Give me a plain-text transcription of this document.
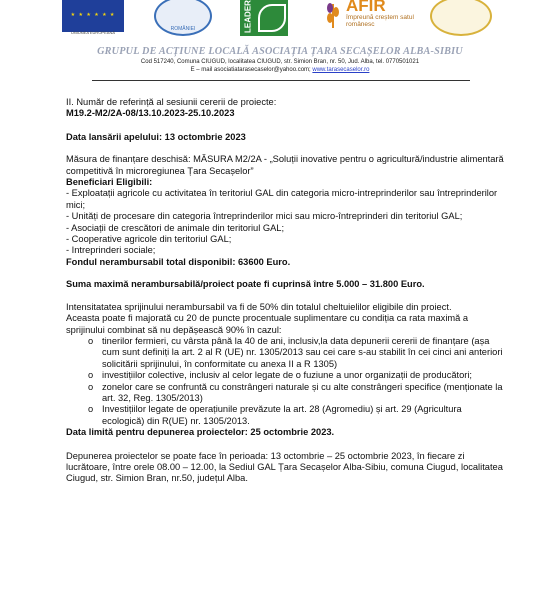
★ ★ ★ ★ ★ ★
UNIUNEA EUROPEANĂ
ROMÂNIEI	LEADER	AFIR
împreună creștem satul românesc
GRUPUL DE ACȚIUNE LOCALĂ ASOCIAȚIA ȚARA SECAȘELOR ALBA-SIBIU
Cod 517240, Comuna CIUGUD, localitatea CIUGUD, str. Simion Bran, nr. 50, Jud. Alba, tel. 0770501021
E – mail asociatiatarasecaselor@yahoo.com; www.tarasecaselor.ro

II. Număr de referință al sesiunii cererii de proiecte:

M19.2-M2/2A-08/13.10.2023-25.10.2023

Data lansării apelului: 13 octombrie 2023

Măsura de finanțare deschisă: MĂSURA M2/2A - „Soluții inovative pentru o agricultură/industrie alimentară competitivă în microregiunea Țara Secașelor”

Beneficiari Eligibili:

- Exploatații agricole cu activitatea în teritoriul GAL din categoria micro-intreprinderilor sau întreprinderilor mici;

- Unități de procesare din categoria întreprinderilor mici sau micro-întreprinderi din teritoriul GAL;

- Asociații de crescători de animale din teritoriul GAL;

- Cooperative agricole din teritoriul GAL;

- Intreprinderi sociale;

Fondul nerambursabil total disponibil: 63600 Euro.

Suma maximă nerambursabilă/proiect poate fi cuprinsă între 5.000 – 31.800 Euro.

Intensitatatea sprijinului nerambursabil va fi de 50% din totalul cheltuielilor eligibile din proiect.

Aceasta poate fi majorată cu 20 de puncte procentuale suplimentare cu condiția ca rata maximă a sprijinului combinat să nu depășească 90% în cazul:

o tinerilor fermieri, cu vârsta până la 40 de ani, inclusiv,la data depunerii cererii de finanțare (așa cum sunt definiți la art. 2 al R (UE) nr. 1305/2013 sau cei care s-au stabilit în cei cinci ani anteriori solicitării sprijinului, în conformitate cu anexa II a R 1305)

o investițiilor colective, inclusiv al celor legate de o fuziune a unor organizații de producători;

o zonelor care se confruntă cu constrângeri naturale și cu alte constrângeri specifice (menționate la art. 32, Reg. 1305/2013)

o Investițiilor legate de operațiunile prevăzute la art. 28 (Agromediu) și art. 29 (Agricultura ecologică) din R(UE) nr. 1305/2013.

Data limită pentru depunerea proiectelor: 25 octombrie 2023.

Depunerea proiectelor se poate face în perioada: 13 octombrie – 25 octombrie 2023, în fiecare zi lucrătoare, între orele 08.00 – 12.00, la Sediul GAL Țara Secașelor Alba-Sibiu, comuna Ciugud, localitatea Ciugud, str. Simion Bran, nr.50, județul Alba.
